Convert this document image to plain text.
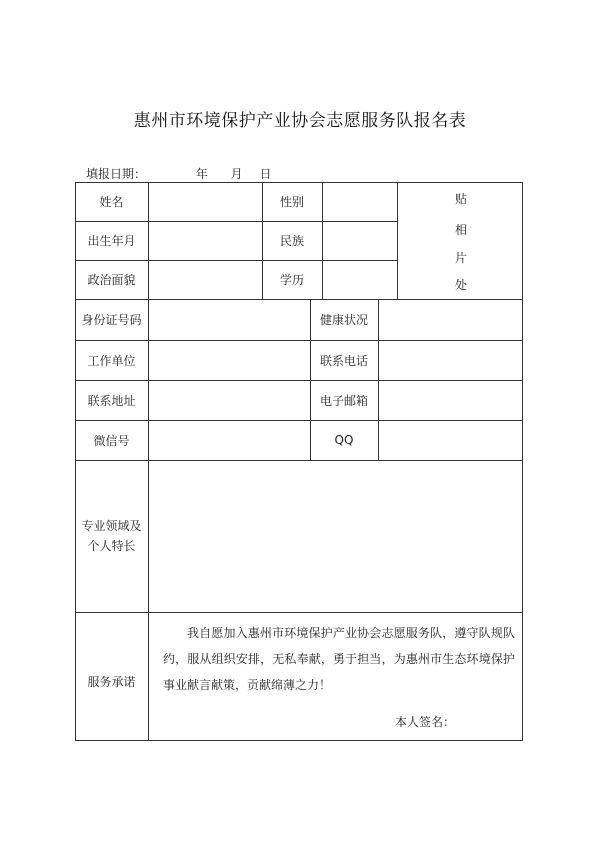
惠州市环境保护产业协会志愿服务队报名表
填报日期：	年 月 日
姓名	性别
出生年月	民族
政治面貌	学历
贴
相
片
处
身份证号码	健康状况
工作单位	联系电话
联系地址	电子邮箱
微信号	QQ
专业领域及
个人特长
服务承诺
我自愿加入惠州市环境保护产业协会志愿服务队，遵守队规队约，服从组织安排，无私奉献，勇于担当，为惠州市生态环境保护事业献言献策，贡献绵薄之力！
本人签名：
